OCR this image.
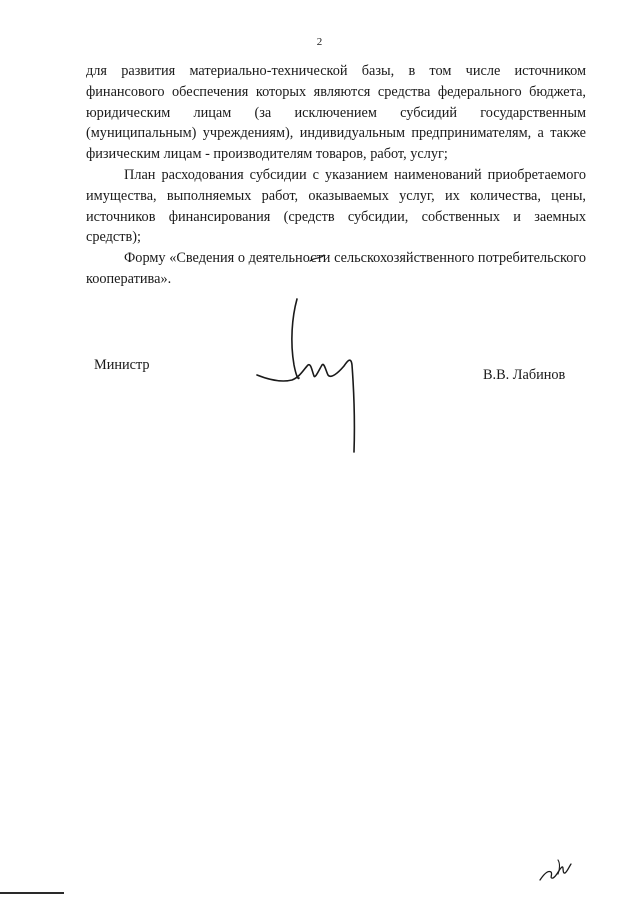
2

для развития материально-технической базы, в том числе источником финансового обеспечения которых являются средства федерального бюджета, юридическим лицам (за исключением субсидий государственным (муниципальным) учреждениям), индивидуальным предпринимателям, а также физическим лицам - производителям товаров, работ, услуг;

План расходования субсидии с указанием наименований приобретаемого имущества, выполняемых работ, оказываемых услуг, их количества, цены, источников финансирования (средств субсидии, собственных и заемных средств);

Форму «Сведения о деятельности сельскохозяйственного потребительского кооператива».

Министр
В.В. Лабинов
